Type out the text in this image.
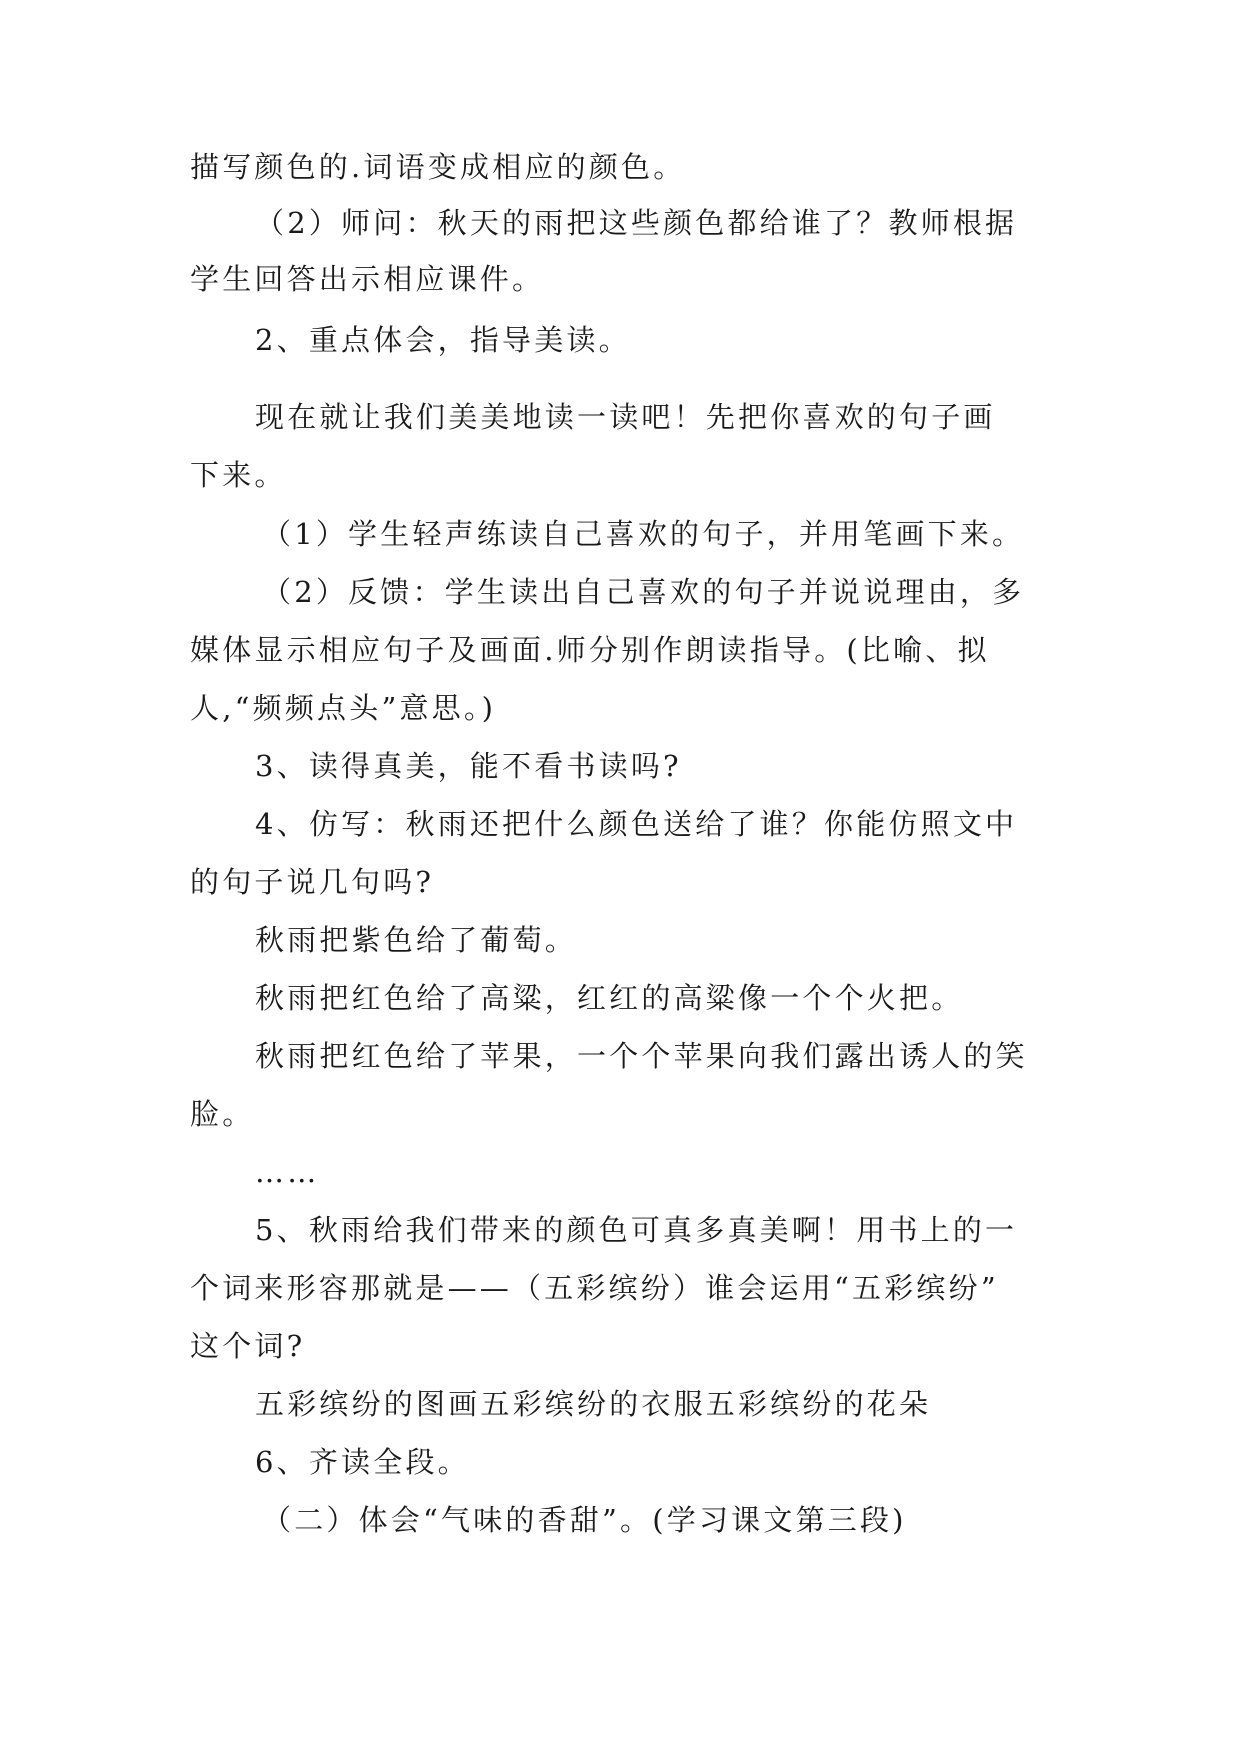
描写颜色的.词语变成相应的颜色。
（2）师问：秋天的雨把这些颜色都给谁了？教师根据
学生回答出示相应课件。
2、重点体会，指导美读。
现在就让我们美美地读一读吧！先把你喜欢的句子画
下来。
（1）学生轻声练读自己喜欢的句子，并用笔画下来。
（2）反馈：学生读出自己喜欢的句子并说说理由，多
媒体显示相应句子及画面.师分别作朗读指导。(比喻、拟
人,“频频点头”意思。)
3、读得真美，能不看书读吗?
4、仿写：秋雨还把什么颜色送给了谁？你能仿照文中
的句子说几句吗?
秋雨把紫色给了葡萄。
秋雨把红色给了高粱，红红的高粱像一个个火把。
秋雨把红色给了苹果，一个个苹果向我们露出诱人的笑
脸。
……
5、秋雨给我们带来的颜色可真多真美啊！用书上的一
个词来形容那就是——（五彩缤纷）谁会运用“五彩缤纷”
这个词?
五彩缤纷的图画五彩缤纷的衣服五彩缤纷的花朵
6、齐读全段。
（二）体会“气味的香甜”。(学习课文第三段)
